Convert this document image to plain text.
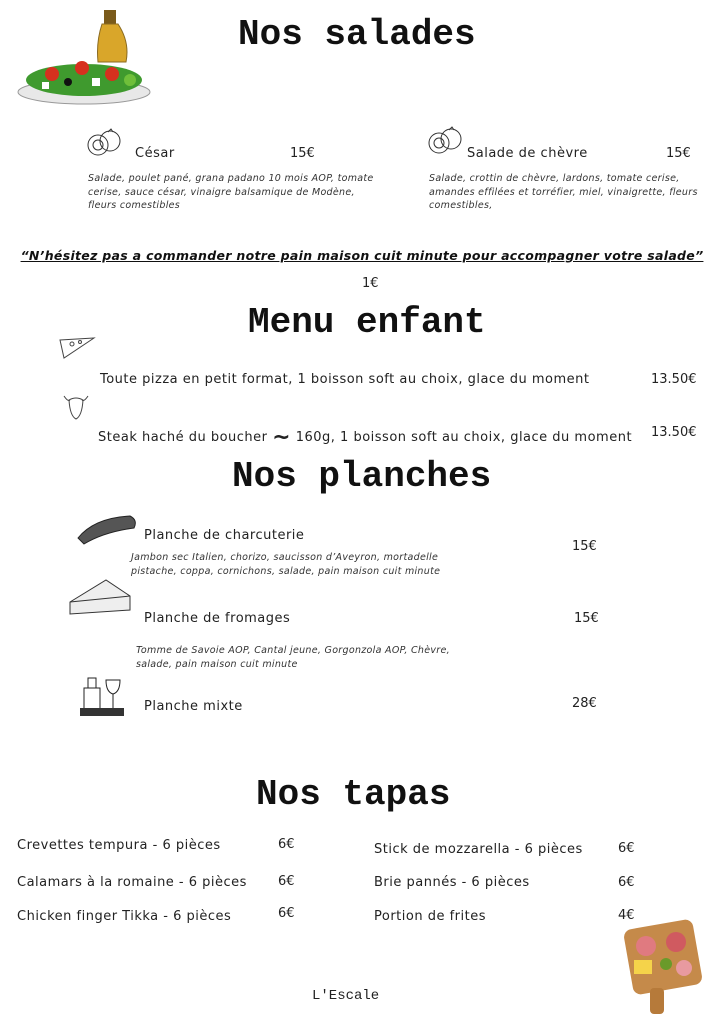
Nos salades
César	15€
Salade, poulet pané, grana padano 10 mois AOP, tomate cerise, sauce césar, vinaigre balsamique de Modène, fleurs comestibles
Salade de chèvre	15€
Salade, crottin de chèvre, lardons, tomate cerise, amandes effilées et torréfier, miel, vinaigrette, fleurs comestibles,
“N’hésitez pas a commander notre pain maison cuit minute pour accompagner votre salade”
1€
Menu enfant
Toute pizza en petit format, 1 boisson soft au choix, glace du moment	13.50€
Steak haché du boucher ~ 160g, 1 boisson soft au choix, glace du moment 13.50€
Nos planches
Planche de charcuterie
15€
Jambon sec Italien, chorizo, saucisson d’Aveyron, mortadelle pistache, coppa, cornichons, salade, pain maison cuit minute
Planche de fromages	15€
Tomme de Savoie AOP, Cantal jeune, Gorgonzola AOP, Chèvre, salade, pain maison cuit minute
Planche mixte	28€
Nos tapas
Crevettes tempura - 6 pièces	6€
Calamars à la romaine - 6 pièces 6€
Chicken finger Tikka - 6 pièces	6€
Stick de mozzarella - 6 pièces	6€
Brie pannés - 6 pièces	6€
Portion de frites	4€
L'Escale
